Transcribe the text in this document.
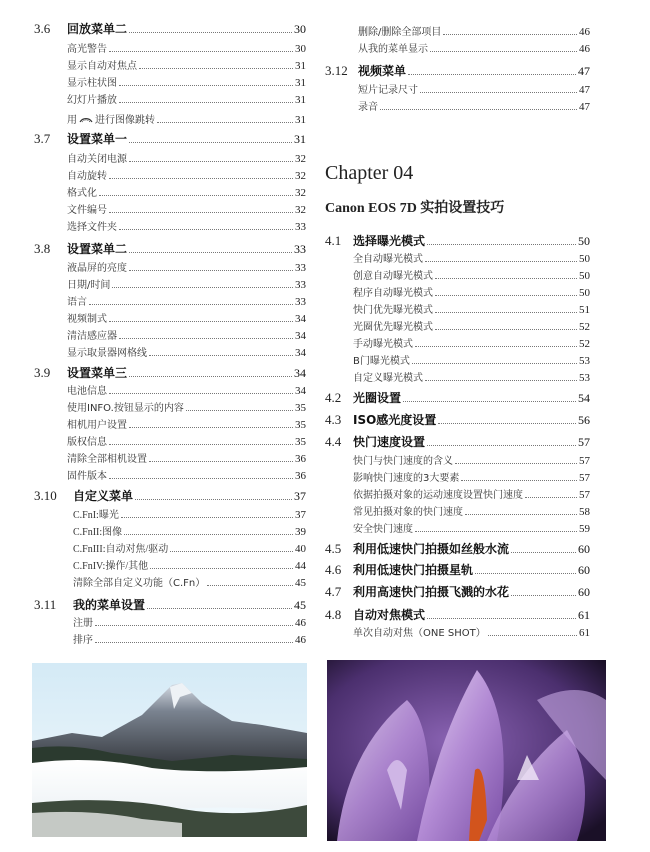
3.6	回放菜单二	30
高光警告	30
显示自动对焦点	31
显示柱状图	31
幻灯片播放	31
用 进行图像跳转	31
3.7	设置菜单一	31
自动关闭电源	32
自动旋转	32
格式化	32
文件编号	32
选择文件夹	33
3.8	设置菜单二	33
液晶屏的亮度	33
日期/时间	33
语言	33
视频制式	34
清洁感应器	34
显示取景器网格线	34
3.9	设置菜单三	34
电池信息	34
使用INFO.按钮显示的内容	35
相机用户设置	35
版权信息	35
清除全部相机设置	36
固件版本	36
3.10	自定义菜单	37
C.FnI:曝光	37
C.FnII:图像	39
C.FnIII:自动对焦/驱动	40
C.FnIV:操作/其他	44
清除全部自定义功能（C.Fn）	45
3.11	我的菜单设置	45
注册	46
排序	46
删除/删除全部项目	46
从我的菜单显示	46
3.12 视频菜单	47
短片记录尺寸	47
录音	47
Chapter 04
Canon EOS 7D 实拍设置技巧
4.1 选择曝光模式	50
全自动曝光模式	50
创意自动曝光模式	50
程序自动曝光模式	50
快门优先曝光模式	51
光圈优先曝光模式	52
手动曝光模式	52
B门曝光模式	53
自定义曝光模式	53
4.2 光圈设置	54
4.3 ISO感光度设置	56
4.4 快门速度设置	57
快门与快门速度的含义	57
影响快门速度的3大要素	57
依据拍摄对象的运动速度设置快门速度	57
常见拍摄对象的快门速度	58
安全快门速度	59
4.5 利用低速快门拍摄如丝般水流	60
4.6 利用低速快门拍摄星轨	60
4.7 利用高速快门拍摄飞溅的水花	60
4.8 自动对焦模式	61
单次自动对焦（ONE SHOT）	61
